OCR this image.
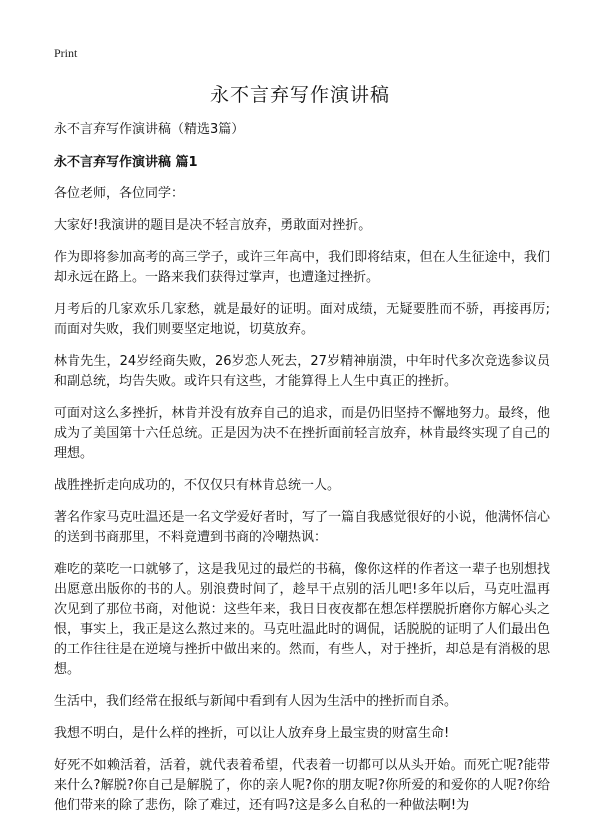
Print
永不言弃写作演讲稿

永不言弃写作演讲稿（精选3篇）

永不言弃写作演讲稿 篇1

各位老师，各位同学：

大家好!我演讲的题目是决不轻言放弃，勇敢面对挫折。

作为即将参加高考的高三学子，或许三年高中，我们即将结束，但在人生征途中，我们却永远在路上。一路来我们获得过掌声，也遭逢过挫折。

月考后的几家欢乐几家愁，就是最好的证明。面对成绩，无疑要胜而不骄，再接再厉;而面对失败，我们则要坚定地说，切莫放弃。

林肯先生，24岁经商失败，26岁恋人死去，27岁精神崩溃，中年时代多次竞选参议员和副总统，均告失败。或许只有这些，才能算得上人生中真正的挫折。

可面对这么多挫折，林肯并没有放弃自己的追求，而是仍旧坚持不懈地努力。最终，他成为了美国第十六任总统。正是因为决不在挫折面前轻言放弃，林肯最终实现了自己的理想。

战胜挫折走向成功的，不仅仅只有林肯总统一人。

著名作家马克吐温还是一名文学爱好者时，写了一篇自我感觉很好的小说，他满怀信心的送到书商那里，不料竟遭到书商的冷嘲热讽：

难吃的菜吃一口就够了，这是我见过的最烂的书稿，像你这样的作者这一辈子也别想找出愿意出版你的书的人。别浪费时间了，趁早干点别的活儿吧!多年以后，马克吐温再次见到了那位书商，对他说：这些年来，我日日夜夜都在想怎样摆脱折磨你方解心头之恨，事实上，我正是这么熬过来的。马克吐温此时的调侃，话脱脱的证明了人们最出色的工作往往是在逆境与挫折中做出来的。然而，有些人，对于挫折，却总是有消极的思想。

生活中，我们经常在报纸与新闻中看到有人因为生活中的挫折而自杀。

我想不明白，是什么样的挫折，可以让人放弃身上最宝贵的财富生命!

好死不如赖活着，活着，就代表着希望，代表着一切都可以从头开始。而死亡呢?能带来什么?解脱?你自己是解脱了，你的亲人呢?你的朋友呢?你所爱的和爱你的人呢?你给他们带来的除了悲伤，除了难过，还有吗?这是多么自私的一种做法啊!为
